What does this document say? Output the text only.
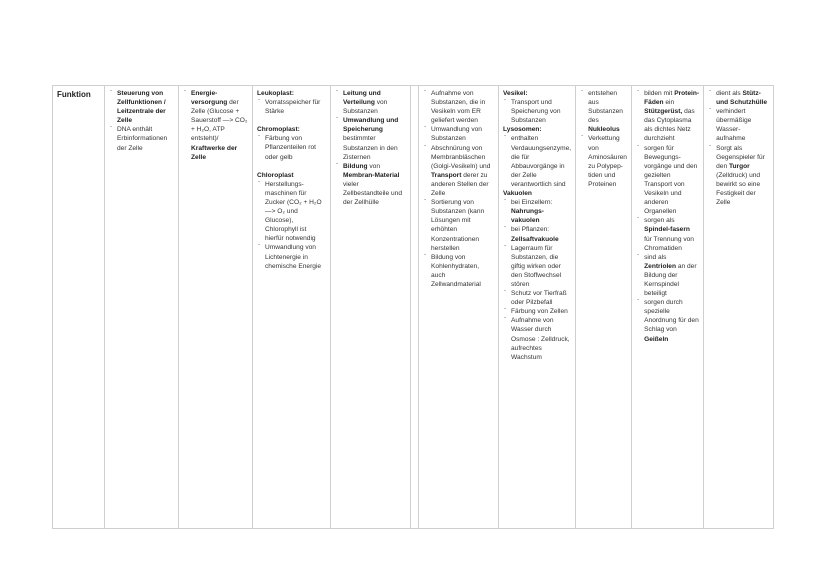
Funktion	
ˉSteuerung von Zellfunktionen / Leitzentrale der Zelle
ˉ DNA enthält Erbinformationen der Zelle

ˉ Energie-versorgung der Zelle (Glucose + Sauerstoff —> CO₂ + H₂O, ATP entsteht)/ Kraftwerke der Zelle

Leukoplast:
ˉ Vorratsspeicher für Stärke
Chromoplast:
ˉ Färbung von Pflanzenteilen rot oder gelb
Chloroplast
ˉ Herstellungs-maschinen für Zucker (CO₂ + H₂O —> O₂ und Glucose), Chlorophyll ist hierfür notwendig
ˉ Umwandlung von Lichtenergie in chemische Energie

ˉ Leitung und Verteilung von Substanzen
ˉ Umwandlung und Speicherung bestimmter Substanzen in den Zisternen
ˉ Bildung von Membran-Material vieler Zellbestandteile und der Zellhülle

ˉ Aufnahme von Substanzen, die in Vesikeln vom ER geliefert werden
ˉ Umwandlung von Substanzen
ˉ Abschnürung von Membranbläschen (Golgi-Vesikeln) und Transport derer zu anderen Stellen der Zelle
ˉ Sortierung von Substanzen (kann Lösungen mit erhöhten Konzentrationen herstellen
ˉ Bildung von Kohlenhydraten, auch Zellwandmaterial

Vesikel:
ˉ Transport und Speicherung von Substanzen
Lysosomen:
ˉ enthalten Verdauungsenzyme, die für Abbauvorgänge in der Zelle verantwortlich sind
Vakuolen
ˉ bei Einzellern: Nahrungs-vakuolen
ˉ bei Pflanzen: Zellsaftvakuole
ˉ Lagerraum für Substanzen, die giftig wirken oder den Stoffwechsel stören
ˉ Schutz vor Tierfraß oder Pilzbefall
ˉ Färbung von Zellen
ˉ Aufnahme von Wasser durch Osmose : Zelldruck, aufrechtes Wachstum

ˉ entstehen aus Substanzen des Nukleolus
ˉ Verkettung von Aminosäuren zu Polypep-tiden und Proteinen

ˉ bilden mit Protein-Fäden ein Stützgerüst, das das Cytoplasma als dichtes Netz durchzieht
ˉ sorgen für Bewegungs-vorgänge und den gezielten Transport von Vesikeln und anderen Organellen
ˉ sorgen als Spindel-fasern für Trennung von Chromatiden
ˉ sind als Zentriolen an der Bildung der Kernspindel beteiligt
ˉ sorgen durch spezielle Anordnung für den Schlag von Geißeln

ˉ dient als Stütz- und Schutzhülle
ˉ verhindert übermäßige Wasser-aufnahme
ˉ Sorgt als Gegenspieler für den Turgor (Zelldruck) und bewirkt so eine Festigkeit der Zelle
